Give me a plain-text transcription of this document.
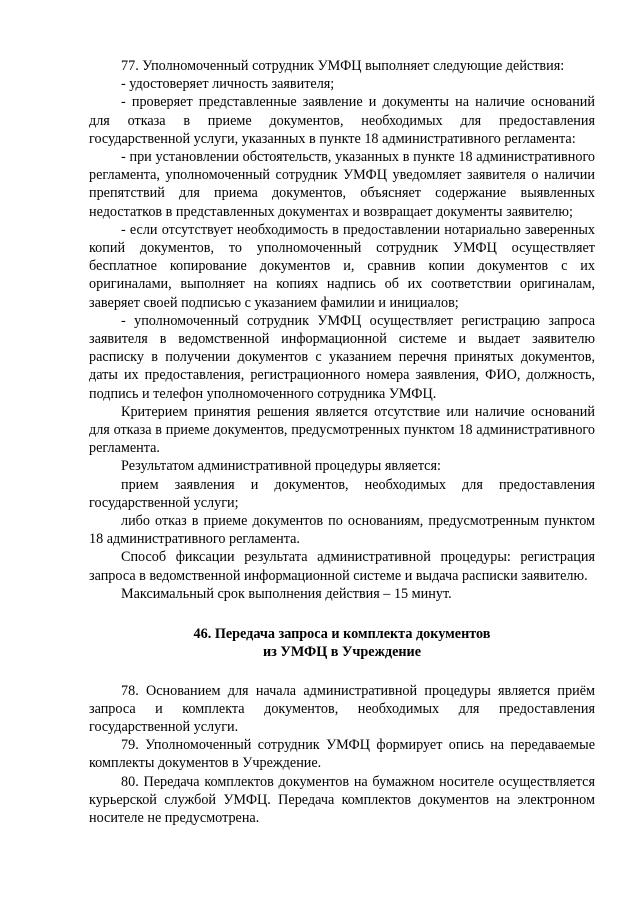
77. Уполномоченный сотрудник УМФЦ выполняет следующие действия:

- удостоверяет личность заявителя;

- проверяет представленные заявление и документы на наличие оснований для отказа в приеме документов, необходимых для предоставления государственной услуги, указанных в пункте 18 административного регламента:

- при установлении обстоятельств, указанных в пункте 18 административного регламента, уполномоченный сотрудник УМФЦ уведомляет заявителя о наличии препятствий для приема документов, объясняет содержание выявленных недостатков в представленных документах и возвращает документы заявителю;

- если отсутствует необходимость в предоставлении нотариально заверенных копий документов, то уполномоченный сотрудник УМФЦ осуществляет бесплатное копирование документов и, сравнив копии документов с их оригиналами, выполняет на копиях надпись об их соответствии оригиналам, заверяет своей подписью с указанием фамилии и инициалов;

- уполномоченный сотрудник УМФЦ осуществляет регистрацию запроса заявителя в ведомственной информационной системе и выдает заявителю расписку в получении документов с указанием перечня принятых документов, даты их предоставления, регистрационного номера заявления, ФИО, должность, подпись и телефон уполномоченного сотрудника УМФЦ.

Критерием принятия решения является отсутствие или наличие оснований для отказа в приеме документов, предусмотренных пунктом 18 административного регламента.

Результатом административной процедуры является:

прием заявления и документов, необходимых для предоставления государственной услуги;

либо отказ в приеме документов по основаниям, предусмотренным пунктом 18 административного регламента.

Способ фиксации результата административной процедуры: регистрация запроса в ведомственной информационной системе и выдача расписки заявителю.

Максимальный срок выполнения действия – 15 минут.

46. Передача запроса и комплекта документов
из УМФЦ в Учреждение

78. Основанием для начала административной процедуры является приём запроса и комплекта документов, необходимых для предоставления государственной услуги.

79. Уполномоченный сотрудник УМФЦ формирует опись на передаваемые комплекты документов в Учреждение.

80. Передача комплектов документов на бумажном носителе осуществляется курьерской службой УМФЦ. Передача комплектов документов на электронном носителе не предусмотрена.
